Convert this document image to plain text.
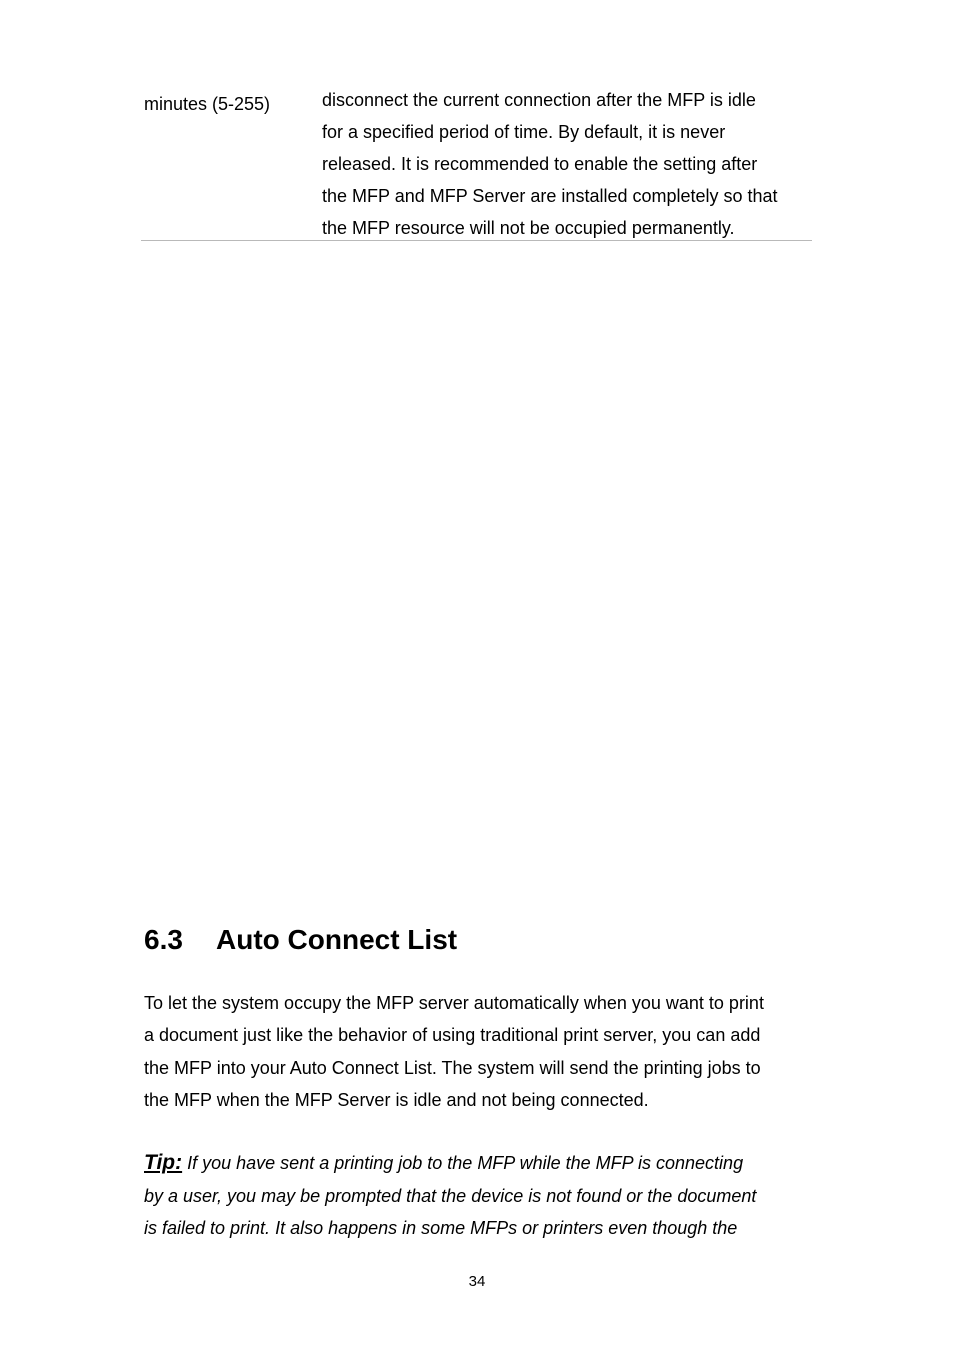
minutes (5-255)	disconnect the current connection after the MFP is idle
for a specified period of time. By default, it is never
released. It is recommended to enable the setting after
the MFP and MFP Server are installed completely so that
the MFP resource will not be occupied permanently.
6.3 Auto Connect List
To let the system occupy the MFP server automatically when you want to print
a document just like the behavior of using traditional print server, you can add
the MFP into your Auto Connect List. The system will send the printing jobs to
the MFP when the MFP Server is idle and not being connected.
Tip: If you have sent a printing job to the MFP while the MFP is connecting
by a user, you may be prompted that the device is not found or the document
is failed to print. It also happens in some MFPs or printers even though the
34
